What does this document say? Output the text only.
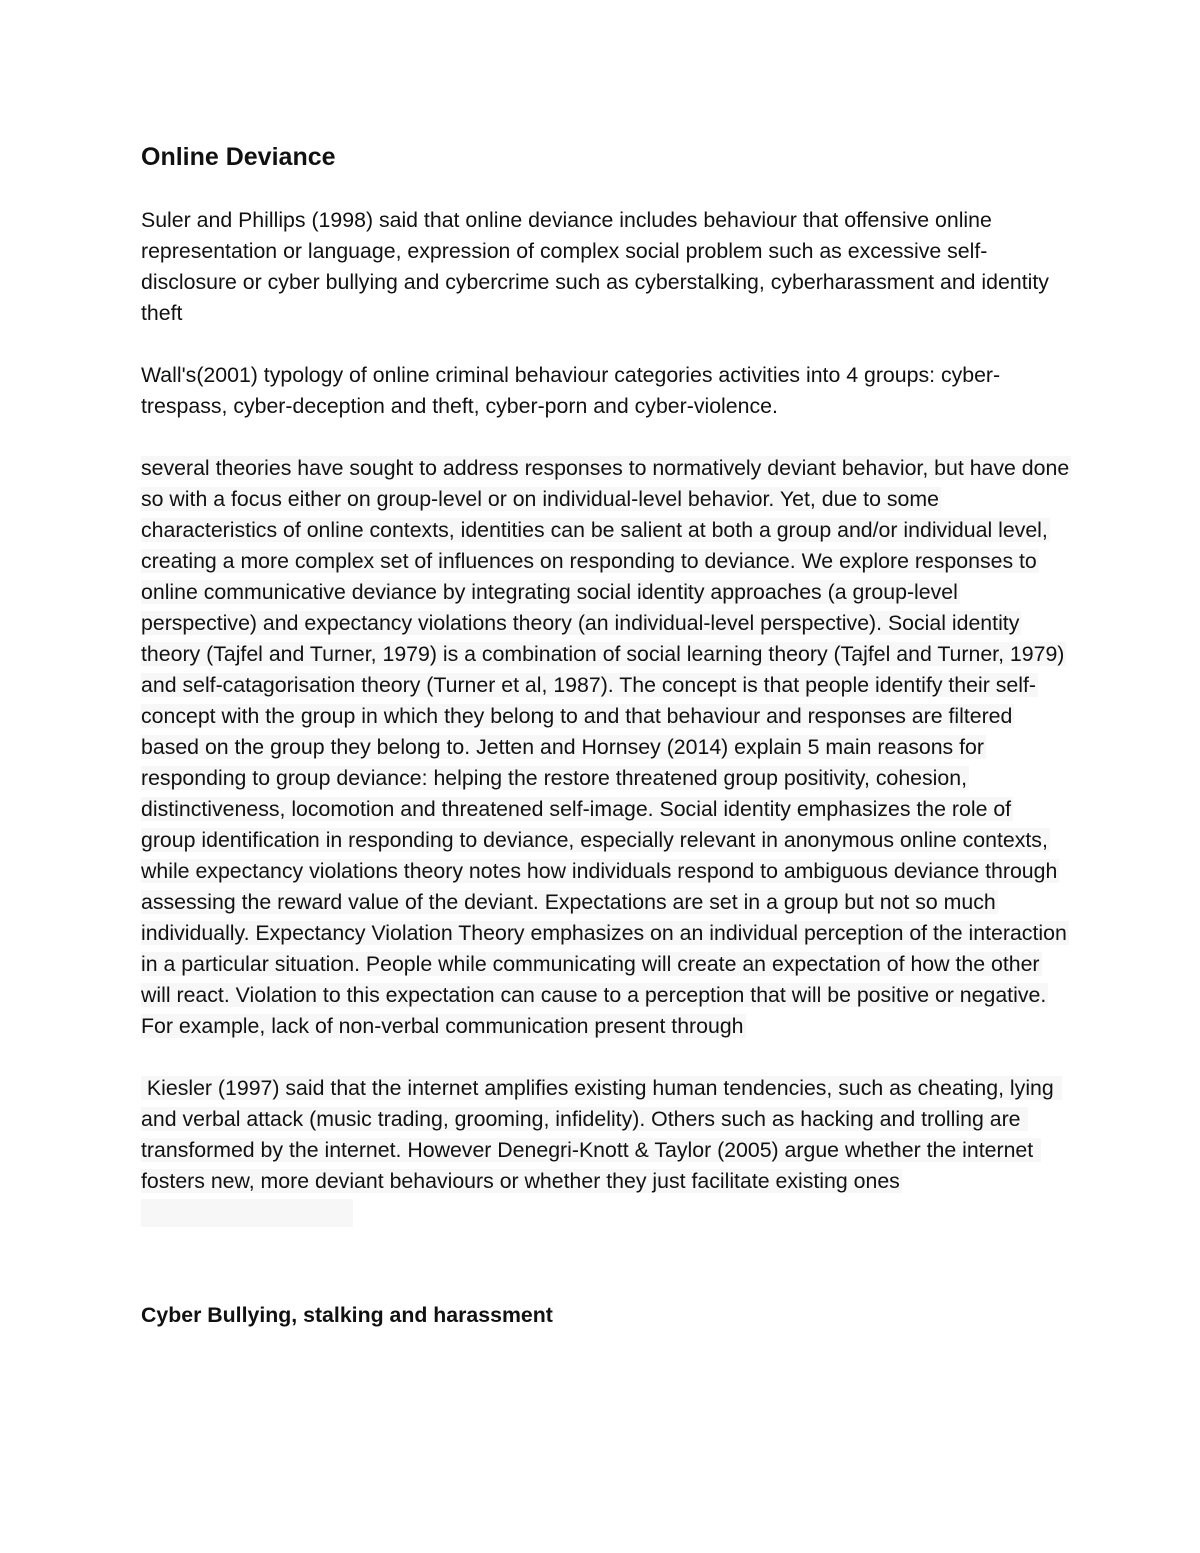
Online Deviance

Suler and Phillips (1998) said that online deviance includes behaviour that offensive online representation or language, expression of complex social problem such as excessive self-disclosure or cyber bullying and cybercrime such as cyberstalking, cyberharassment and identity theft

Wall's(2001) typology of online criminal behaviour categories activities into 4 groups: cyber-trespass, cyber-deception and theft, cyber-porn and cyber-violence.

several theories have sought to address responses to normatively deviant behavior, but have done so with a focus either on group-level or on individual-level behavior. Yet, due to some characteristics of online contexts, identities can be salient at both a group and/or individual level, creating a more complex set of influences on responding to deviance. We explore responses to online communicative deviance by integrating social identity approaches (a group-level perspective) and expectancy violations theory (an individual-level perspective). Social identity theory (Tajfel and Turner, 1979) is a combination of social learning theory (Tajfel and Turner, 1979) and self-catagorisation theory (Turner et al, 1987). The concept is that people identify their self-concept with the group in which they belong to and that behaviour and responses are filtered based on the group they belong to. Jetten and Hornsey (2014) explain 5 main reasons for responding to group deviance: helping the restore threatened group positivity, cohesion, distinctiveness, locomotion and threatened self-image. Social identity emphasizes the role of group identification in responding to deviance, especially relevant in anonymous online contexts, while expectancy violations theory notes how individuals respond to ambiguous deviance through assessing the reward value of the deviant. Expectations are set in a group but not so much individually. Expectancy Violation Theory emphasizes on an individual perception of the interaction in a particular situation. People while communicating will create an expectation of how the other will react. Violation to this expectation can cause to a perception that will be positive or negative. For example, lack of non-verbal communication present through

Kiesler (1997) said that the internet amplifies existing human tendencies, such as cheating, lying and verbal attack (music trading, grooming, infidelity). Others such as hacking and trolling are transformed by the internet. However Denegri-Knott & Taylor (2005) argue whether the internet fosters new, more deviant behaviours or whether they just facilitate existing ones

Cyber Bullying, stalking and harassment
